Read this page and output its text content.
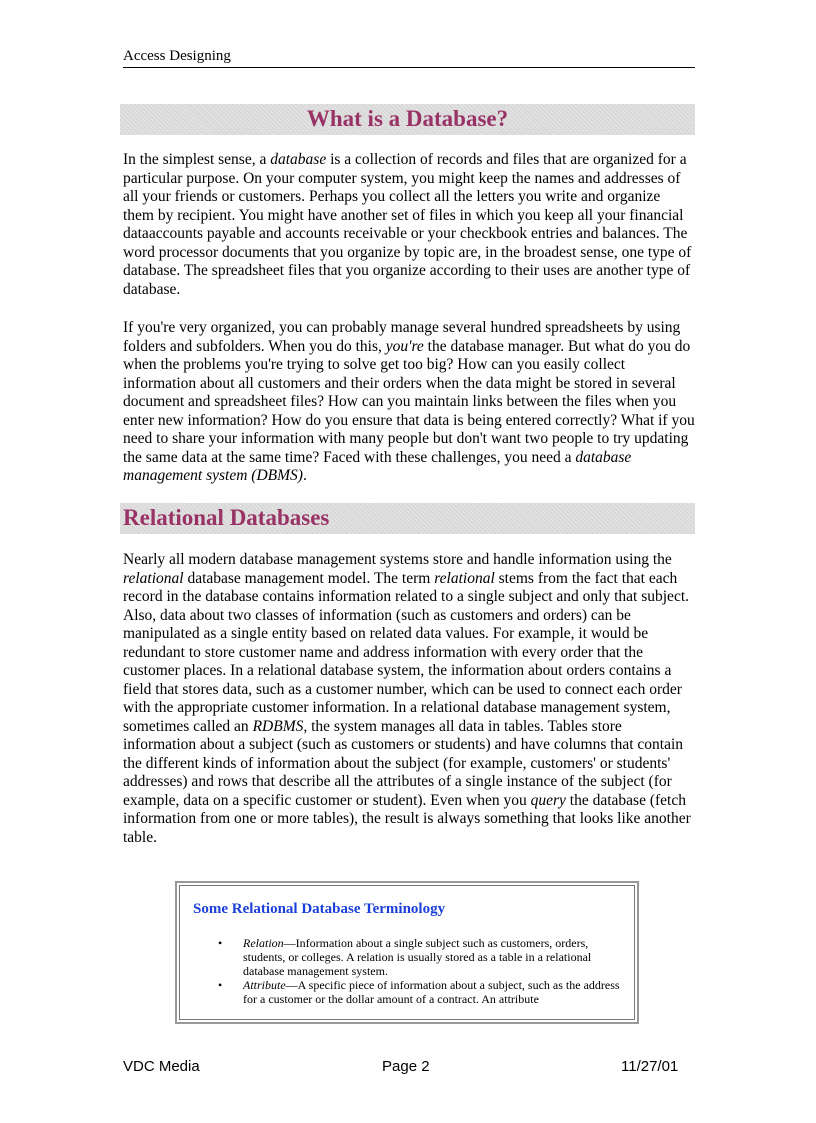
Access Designing
What is a Database?

In the simplest sense, a database is a collection of records and files that are organized for a particular purpose. On your computer system, you might keep the names and addresses of all your friends or customers. Perhaps you collect all the letters you write and organize them by recipient. You might have another set of files in which you keep all your financial dataaccounts payable and accounts receivable or your checkbook entries and balances. The word processor documents that you organize by topic are, in the broadest sense, one type of database. The spreadsheet files that you organize according to their uses are another type of database.

If you're very organized, you can probably manage several hundred spreadsheets by using folders and subfolders. When you do this, you're the database manager. But what do you do when the problems you're trying to solve get too big? How can you easily collect information about all customers and their orders when the data might be stored in several document and spreadsheet files? How can you maintain links between the files when you enter new information? How do you ensure that data is being entered correctly? What if you need to share your information with many people but don't want two people to try updating the same data at the same time? Faced with these challenges, you need a database management system (DBMS).

Relational Databases

Nearly all modern database management systems store and handle information using the relational database management model. The term relational stems from the fact that each record in the database contains information related to a single subject and only that subject. Also, data about two classes of information (such as customers and orders) can be manipulated as a single entity based on related data values. For example, it would be redundant to store customer name and address information with every order that the customer places. In a relational database system, the information about orders contains a field that stores data, such as a customer number, which can be used to connect each order with the appropriate customer information. In a relational database management system, sometimes called an RDBMS, the system manages all data in tables. Tables store information about a subject (such as customers or students) and have columns that contain the different kinds of information about the subject (for example, customers' or students' addresses) and rows that describe all the attributes of a single instance of the subject (for example, data on a specific customer or student). Even when you query the database (fetch information from one or more tables), the result is always something that looks like another table.

Some Relational Database Terminology
• Relation—Information about a single subject such as customers, orders, students, or colleges. A relation is usually stored as a table in a relational database management system.
• Attribute—A specific piece of information about a subject, such as the address for a customer or the dollar amount of a contract. An attribute
VDC Media	Page 2	11/27/01
